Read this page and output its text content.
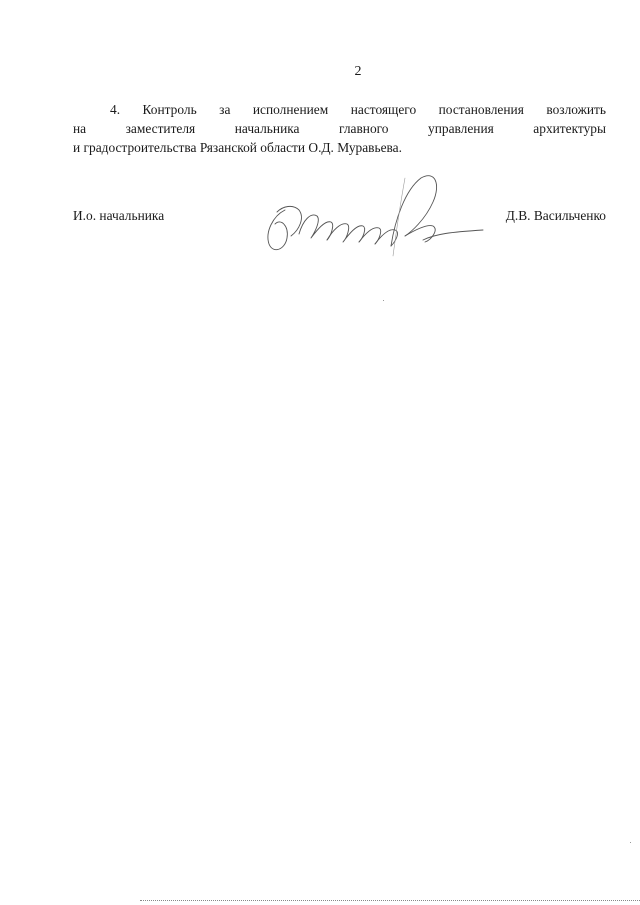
2
4. Контроль за исполнением настоящего постановления возложить
на заместителя начальника главного управления архитектуры
и градостроительства Рязанской области О.Д. Муравьева.
И.о. начальника	Д.В. Васильченко
